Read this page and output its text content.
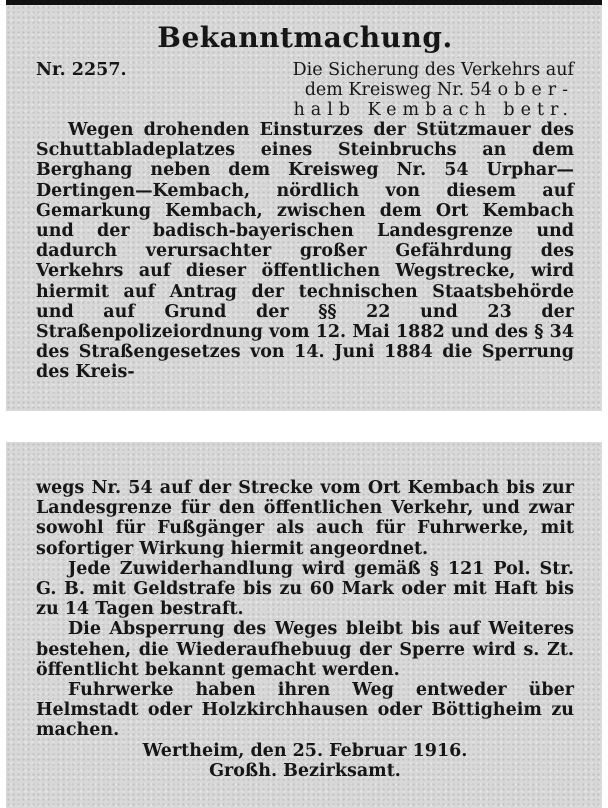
Bekanntmachung.
Nr. 2257.	Die Sicherung des Verkehrs auf
dem Kreisweg Nr. 54 ober-
halb Kembach betr.

Wegen drohenden Einsturzes der Stützmauer des Schuttabladeplatzes eines Steinbruchs an dem Berghang neben dem Kreisweg Nr. 54 Urphar—Dertingen—Kembach, nördlich von diesem auf Gemarkung Kembach, zwischen dem Ort Kembach und der badisch-bayerischen Landesgrenze und dadurch verursachter großer Gefährdung des Verkehrs auf dieser öffentlichen Wegstrecke, wird hiermit auf Antrag der technischen Staatsbehörde und auf Grund der §§ 22 und 23 der Straßenpolizeiordnung vom 12. Mai 1882 und des § 34 des Straßengesetzes von 14. Juni 1884 die Sperrung des Kreis-

wegs Nr. 54 auf der Strecke vom Ort Kembach bis zur Landesgrenze für den öffentlichen Verkehr, und zwar sowohl für Fußgänger als auch für Fuhrwerke, mit sofortiger Wirkung hiermit angeordnet.

Jede Zuwiderhandlung wird gemäß § 121 Pol. Str. G. B. mit Geldstrafe bis zu 60 Mark oder mit Haft bis zu 14 Tagen bestraft.

Die Absperrung des Weges bleibt bis auf Weiteres bestehen, die Wiederaufhebuug der Sperre wird s. Zt. öffentlicht bekannt gemacht werden.

Fuhrwerke haben ihren Weg entweder über Helmstadt oder Holzkirchhausen oder Böttigheim zu machen.

Wertheim, den 25. Februar 1916.

Großh. Bezirksamt.
